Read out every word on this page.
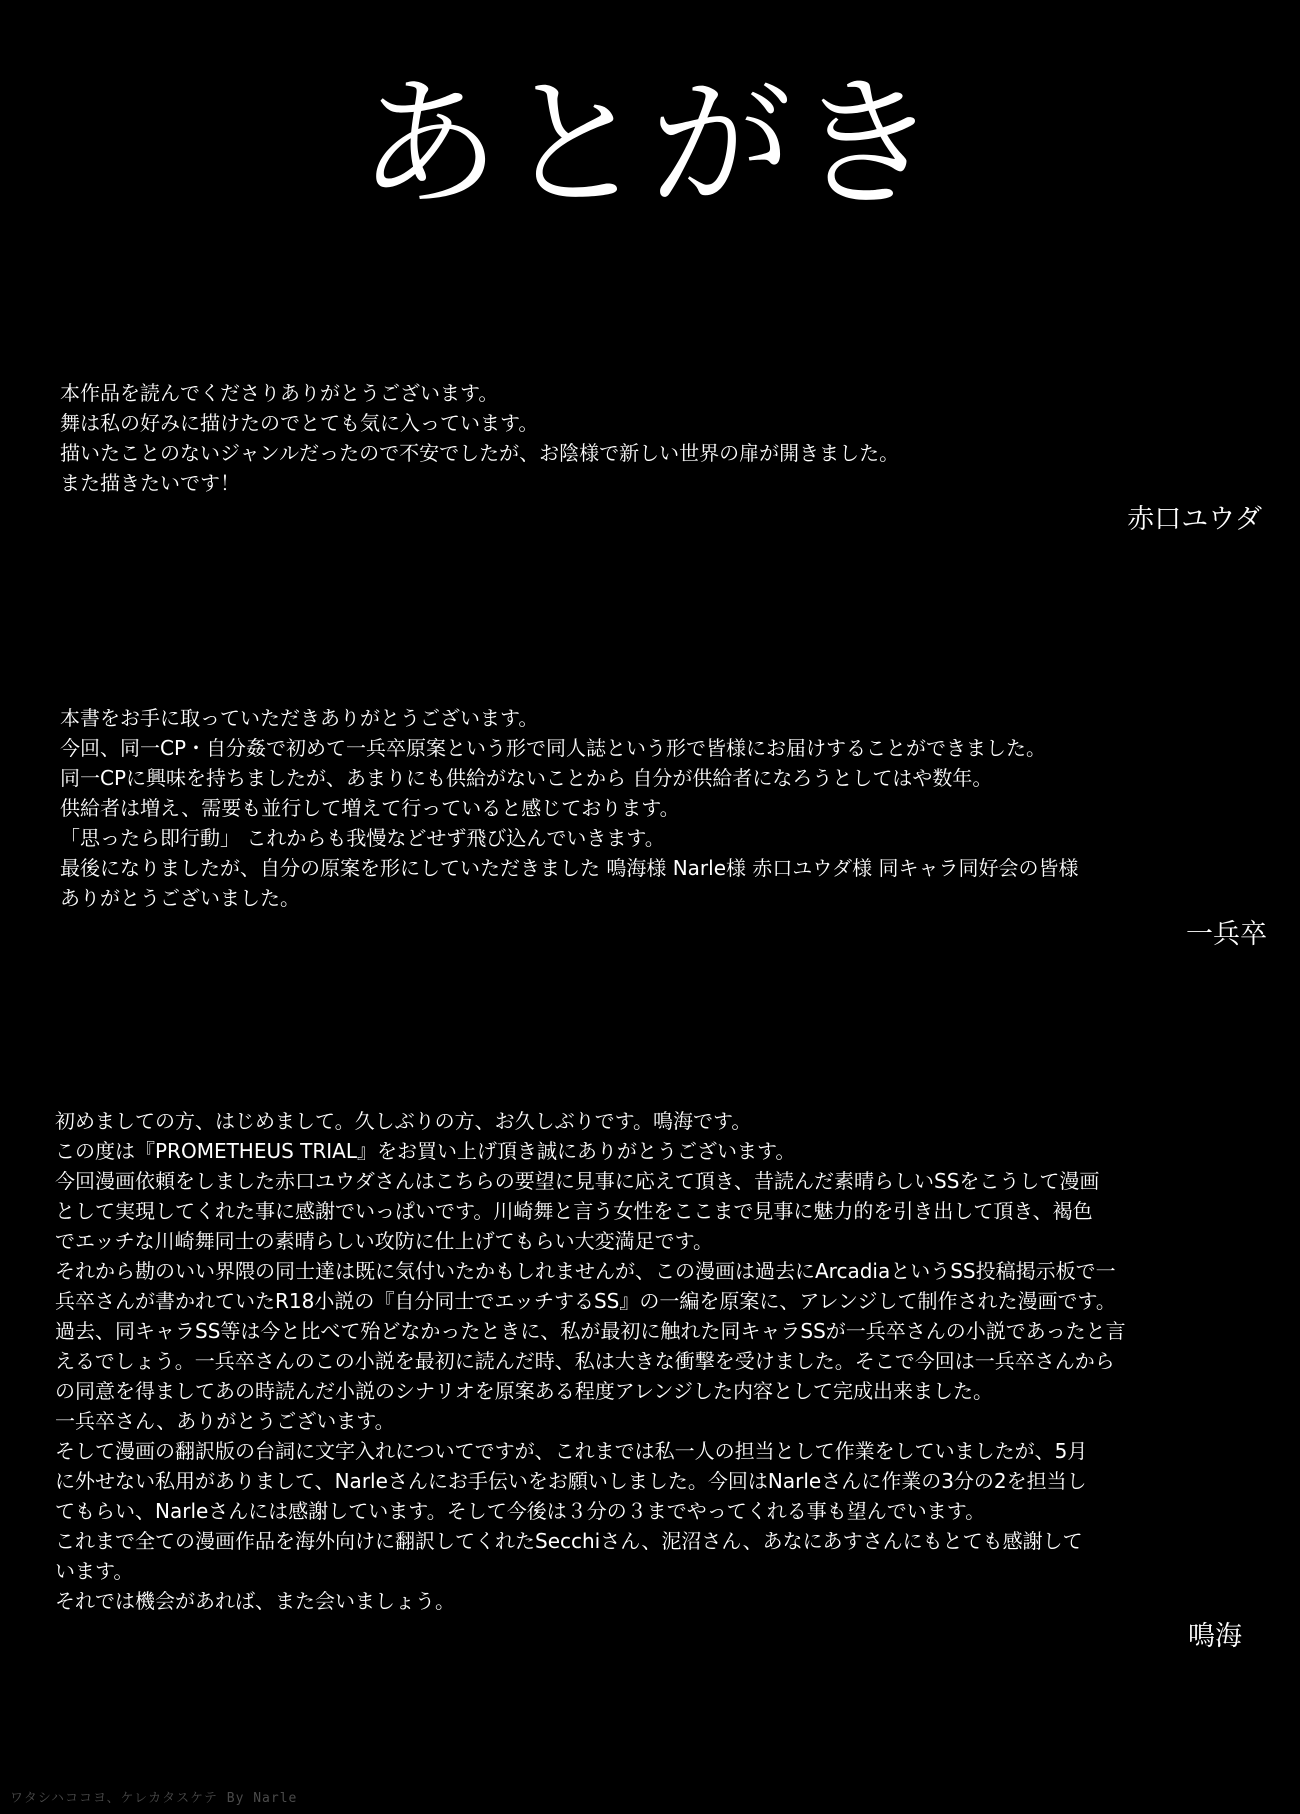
あとがき
本作品を読んでくださりありがとうございます。
舞は私の好みに描けたのでとても気に入っています。
描いたことのないジャンルだったので不安でしたが、お陰様で新しい世界の扉が開きました。
また描きたいです！
赤口ユウダ
本書をお手に取っていただきありがとうございます。
今回、同一CP・自分姦で初めて一兵卒原案という形で同人誌という形で皆様にお届けすることができました。
同一CPに興味を持ちましたが、あまりにも供給がないことから 自分が供給者になろうとしてはや数年。
供給者は増え、需要も並行して増えて行っていると感じております。
「思ったら即行動」 これからも我慢などせず飛び込んでいきます。
最後になりましたが、自分の原案を形にしていただきました 鳴海様 Narle様 赤口ユウダ様 同キャラ同好会の皆様
ありがとうございました。
一兵卒
初めましての方、はじめまして。久しぶりの方、お久しぶりです。鳴海です。
この度は『PROMETHEUS TRIAL』をお買い上げ頂き誠にありがとうございます。
今回漫画依頼をしました赤口ユウダさんはこちらの要望に見事に応えて頂き、昔読んだ素晴らしいSSをこうして漫画
として実現してくれた事に感謝でいっぱいです。川崎舞と言う女性をここまで見事に魅力的を引き出して頂き、褐色
でエッチな川崎舞同士の素晴らしい攻防に仕上げてもらい大変満足です。
それから勘のいい界隈の同士達は既に気付いたかもしれませんが、この漫画は過去にArcadiaというSS投稿掲示板で一
兵卒さんが書かれていたR18小説の『自分同士でエッチするSS』の一編を原案に、アレンジして制作された漫画です。
過去、同キャラSS等は今と比べて殆どなかったときに、私が最初に触れた同キャラSSが一兵卒さんの小説であったと言
えるでしょう。一兵卒さんのこの小説を最初に読んだ時、私は大きな衝撃を受けました。そこで今回は一兵卒さんから
の同意を得ましてあの時読んだ小説のシナリオを原案ある程度アレンジした内容として完成出来ました。
一兵卒さん、ありがとうございます。
そして漫画の翻訳版の台詞に文字入れについてですが、これまでは私一人の担当として作業をしていましたが、5月
に外せない私用がありまして、Narleさんにお手伝いをお願いしました。今回はNarleさんに作業の3分の2を担当し
てもらい、Narleさんには感謝しています。そして今後は３分の３までやってくれる事も望んでいます。
これまで全ての漫画作品を海外向けに翻訳してくれたSecchiさん、泥沼さん、あなにあすさんにもとても感謝して
います。
それでは機会があれば、また会いましょう。
鳴海
ワタシハココヨ、ケレカタスケテ By Narle
